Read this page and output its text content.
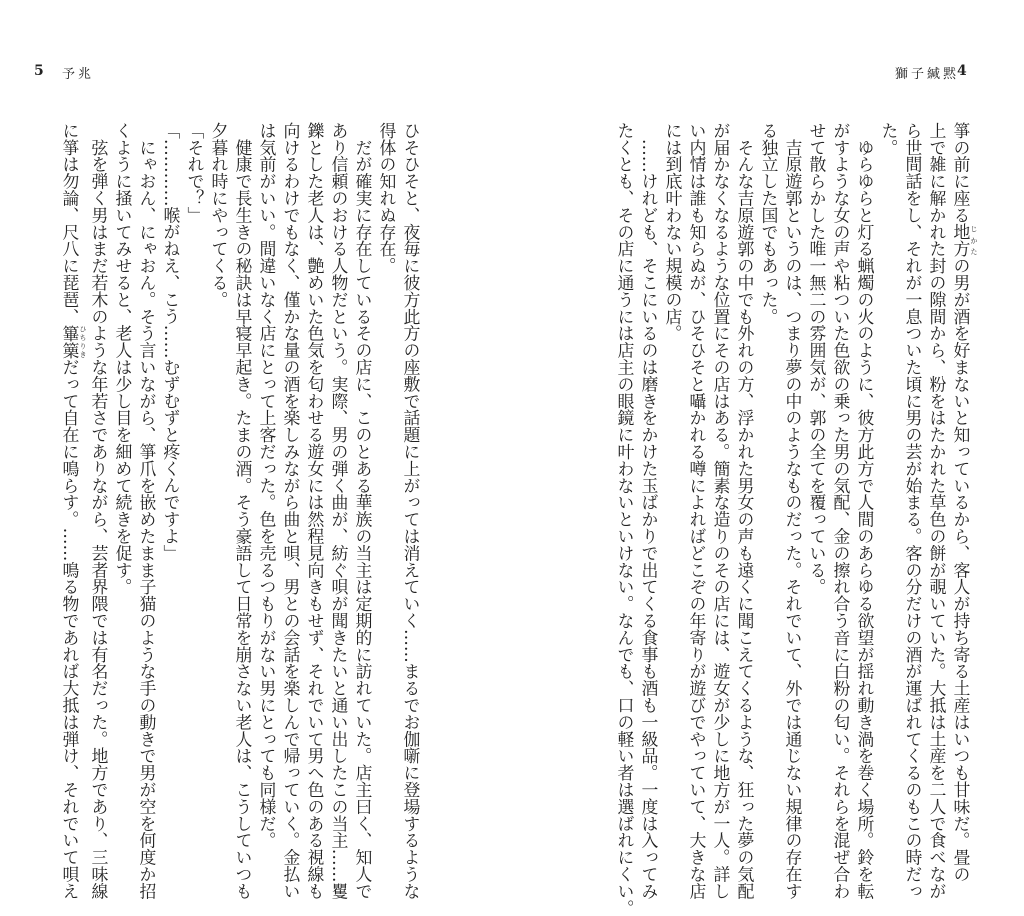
獅子緘黙
4
5 予兆
箏の前に座る地方 じかたの男が酒を好まないと知っているから、客人が持ち寄る土産はいつも甘味だ。畳の
上で雑に解かれた封の隙間から、粉をはたかれた草色の餅が覗いていた。大抵は土産を二人で食べなが
ら世間話をし、それが一息ついた頃に男の芸が始まる。客の分だけの酒が運ばれてくるのもこの時だっ
た。
　ゆらゆらと灯る蝋燭の火のように、彼方此方で人間のあらゆる欲望が揺れ動き渦を巻く場所。鈴を転
がすような女の声や粘ついた色欲の乗った男の気配、金の擦れ合う音に白粉の匂い。それらを混ぜ合わ
せて散らかした唯一無二の雰囲気が、郭の全てを覆っている。
　吉原遊郭というのは、つまり夢の中のようなものだった。それでいて、外では通じない規律の存在す
る独立した国でもあった。
　そんな吉原遊郭の中でも外れの方、浮かれた男女の声も遠くに聞こえてくるような、狂った夢の気配
が届かなくなるような位置にその店はある。簡素な造りのその店には、遊女が少しに地方が一人。詳し
い内情は誰も知らぬが、ひそひそと囁かれる噂によればどこぞの年寄りが遊びでやっていて、大きな店
には到底叶わない規模の店。
　……けれども、そこにいるのは磨きをかけた玉ばかりで出てくる食事も酒も一級品。一度は入ってみ
たくとも、その店に通うには店主の眼鏡に叶わないといけない。なんでも、口の軽い者は選ばれにくい。
ひそひそと、夜毎に彼方此方の座敷で話題に上がっては消えていく……まるでお伽噺に登場するような
得体の知れぬ存在。
　だが確実に存在しているその店に、このとある華族の当主は定期的に訪れていた。店主曰く、知人で
あり信頼のおける人物だという。実際、男の弾く曲が、紡ぐ唄が聞きたいと通い出したこの当主……矍
鑠とした老人は、艶めいた色気を匂わせる遊女には然程見向きもせず、それでいて男へ色のある視線も
向けるわけでもなく、僅かな量の酒を楽しみながら曲と唄、男との会話を楽しんで帰っていく。金払い
は気前がいい。間違いなく店にとって上客だった。色を売るつもりがない男にとっても同様だ。
　健康で長生きの秘訣は早寝早起き。たまの酒。そう豪語して日常を崩さない老人は、こうしていつも
夕暮れ時にやってくる。
「それで？」
「…………喉がねえ、こう……むずむずと疼くんですよ」
　にゃおん、にゃおん。そう言いながら、箏爪を嵌めたまま子猫のような手の動きで男が空を何度か招
くように掻いてみせると、老人は少し目を細めて続きを促す。
　弦を弾く男はまだ若木のような年若さでありながら、芸者界隈では有名だった。地方であり、三味線
に箏は勿論、尺八に琵琶、篳篥 ひちりきだって自在に鳴らす。……鳴る物であれば大抵は弾け、それでいて唄え
